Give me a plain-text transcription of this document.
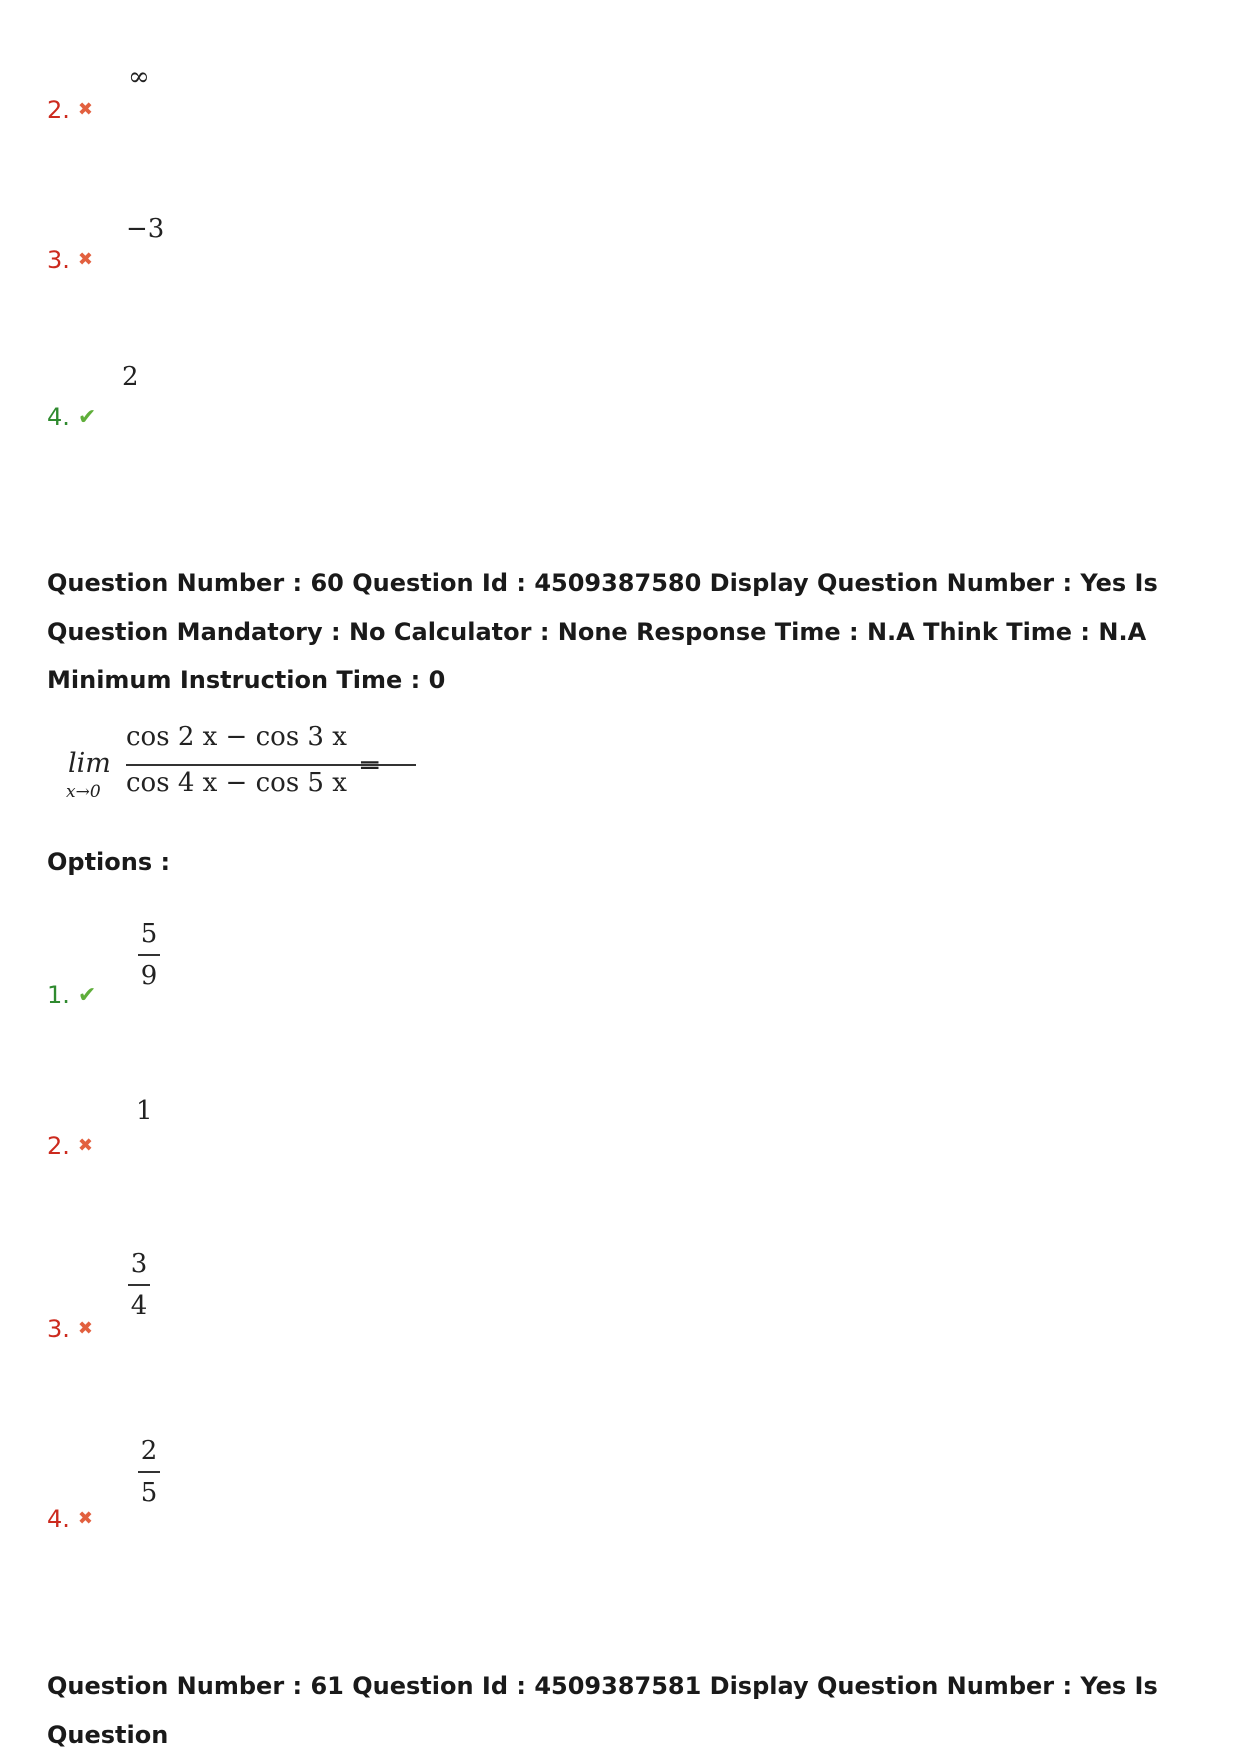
2. ✖
∞
3. ✖
−3
4. ✔
2
Question Number : 60 Question Id : 4509387580 Display Question Number : Yes Is Question Mandatory : No Calculator : None Response Time : N.A Think Time : N.A Minimum Instruction Time : 0
lim
x→0
cos 2 x − cos 3 x
cos 4 x − cos 5 x
=
Options :
1. ✔
5
9
2. ✖
1
3. ✖
3
4
4. ✖
2
5
Question Number : 61 Question Id : 4509387581 Display Question Number : Yes Is Question
